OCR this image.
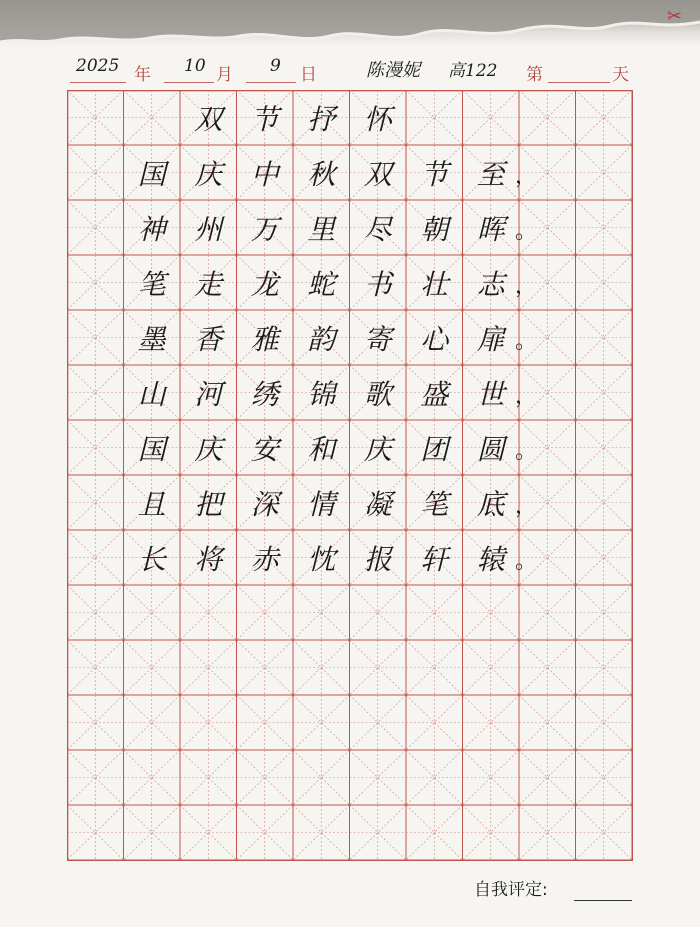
✂
2025 年 10 月 9 日	陈漫妮 高122 第	天
双	节	抒	怀
国	庆	中	秋	双	节	至 ，
神	州	万	里	尽	朝	晖 。
笔	走	龙	蛇	书	壮	志 ，
墨	香	雅	韵	寄	心	扉 。
山	河	绣	锦	歌	盛	世 ，
国	庆	安	和	庆	团	圆 。
且	把	深	情	凝	笔	底 ，
长	将	赤	忱	报	轩	辕 。
自我评定:
